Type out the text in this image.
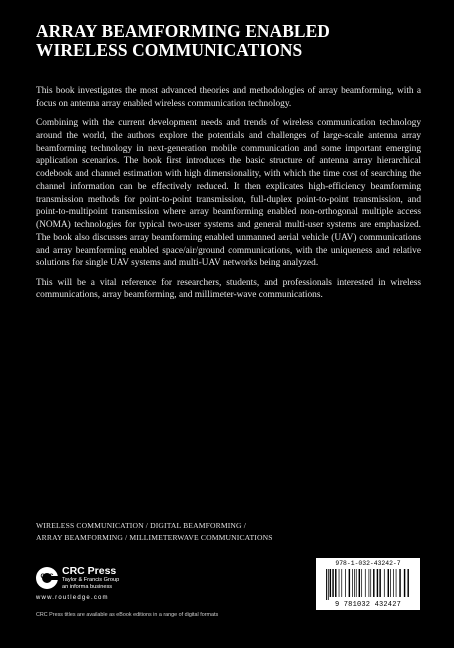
ARRAY BEAMFORMING ENABLED
WIRELESS COMMUNICATIONS

This book investigates the most advanced theories and methodologies of array beamforming, with a focus on antenna array enabled wireless communication technology.

Combining with the current development needs and trends of wireless communication technology around the world, the authors explore the potentials and challenges of large-scale antenna array beamforming technology in next-generation mobile communication and some important emerging application scenarios. The book first introduces the basic structure of antenna array hierarchical codebook and channel estimation with high dimensionality, with which the time cost of searching the channel information can be effectively reduced. It then explicates high-efficiency beamforming transmission methods for point-to-point transmission, full-duplex point-to-point transmission, and point-to-multipoint transmission where array beamforming enabled non-orthogonal multiple access (NOMA) technologies for typical two-user systems and general multi-user systems are emphasized. The book also discusses array beamforming enabled unmanned aerial vehicle (UAV) communications and array beamforming enabled space/air/ground communications, with the uniqueness and relative solutions for single UAV systems and multi-UAV networks being analyzed.

This will be a vital reference for researchers, students, and professionals interested in wireless communications, array beamforming, and millimeter-wave communications.

WIRELESS COMMUNICATION / DIGITAL BEAMFORMING /
ARRAY BEAMFORMING / MILLIMETERWAVE COMMUNICATIONS
CRC CRC Press
Taylor & Francis Group
an informa business
www.routledge.com
CRC Press titles are available as eBook editions in a range of digital formats
978-1-032-43242-7
9 781032 432427
